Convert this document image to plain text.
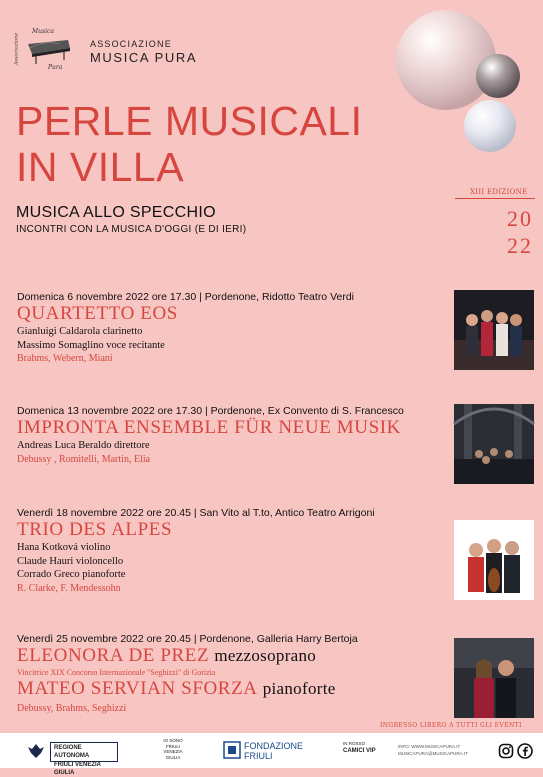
Musica
Associazione
Pura
ASSOCIAZIONE
MUSICA PURA
PERLE MUSICALI
IN VILLA
MUSICA ALLO SPECCHIO
INCONTRI CON LA MUSICA D'OGGI (E DI IERI)
XIII EDIZIONE
20
22
Domenica 6 novembre 2022 ore 17.30 | Pordenone, Ridotto Teatro Verdi
QUARTETTO EOS
Gianluigi Caldarola clarinetto
Massimo Somaglino voce recitante
Brahms, Webern, Miani
Domenica 13 novembre 2022 ore 17.30 | Pordenone, Ex Convento di S. Francesco
IMPRONTA ENSEMBLE FÜR NEUE MUSIK
Andreas Luca Beraldo direttore
Debussy , Romitelli, Martin, Elia
Venerdì 18 novembre 2022 ore 20.45 | San Vito al T.to, Antico Teatro Arrigoni
TRIO DES ALPES
Hana Kotková violino
Claude Hauri violoncello
Corrado Greco pianoforte
R. Clarke, F. Mendessohn
Venerdì 25 novembre 2022 ore 20.45 | Pordenone, Galleria Harry Bertoja
ELEONORA DE PREZ mezzosoprano
Vincitrice XIX Concorso Internazionale "Seghizzi" di Gorizia
MATEO SERVIAN SFORZA pianoforte
Debussy, Brahms, Seghizzi
INGRESSO LIBERO A TUTTI GLI EVENTI
REGIONE AUTONOMA
FRIULI VENEZIA GIULIA
IO SONO
FRIULI
VENEZIA
GIULIA
FONDAZIONE
FRIULI
IN ROSSO
CAMICI VIP
INFO: WWW.MUSICAPURA.IT
MUSICAPURA@MUSICAPURA.IT
